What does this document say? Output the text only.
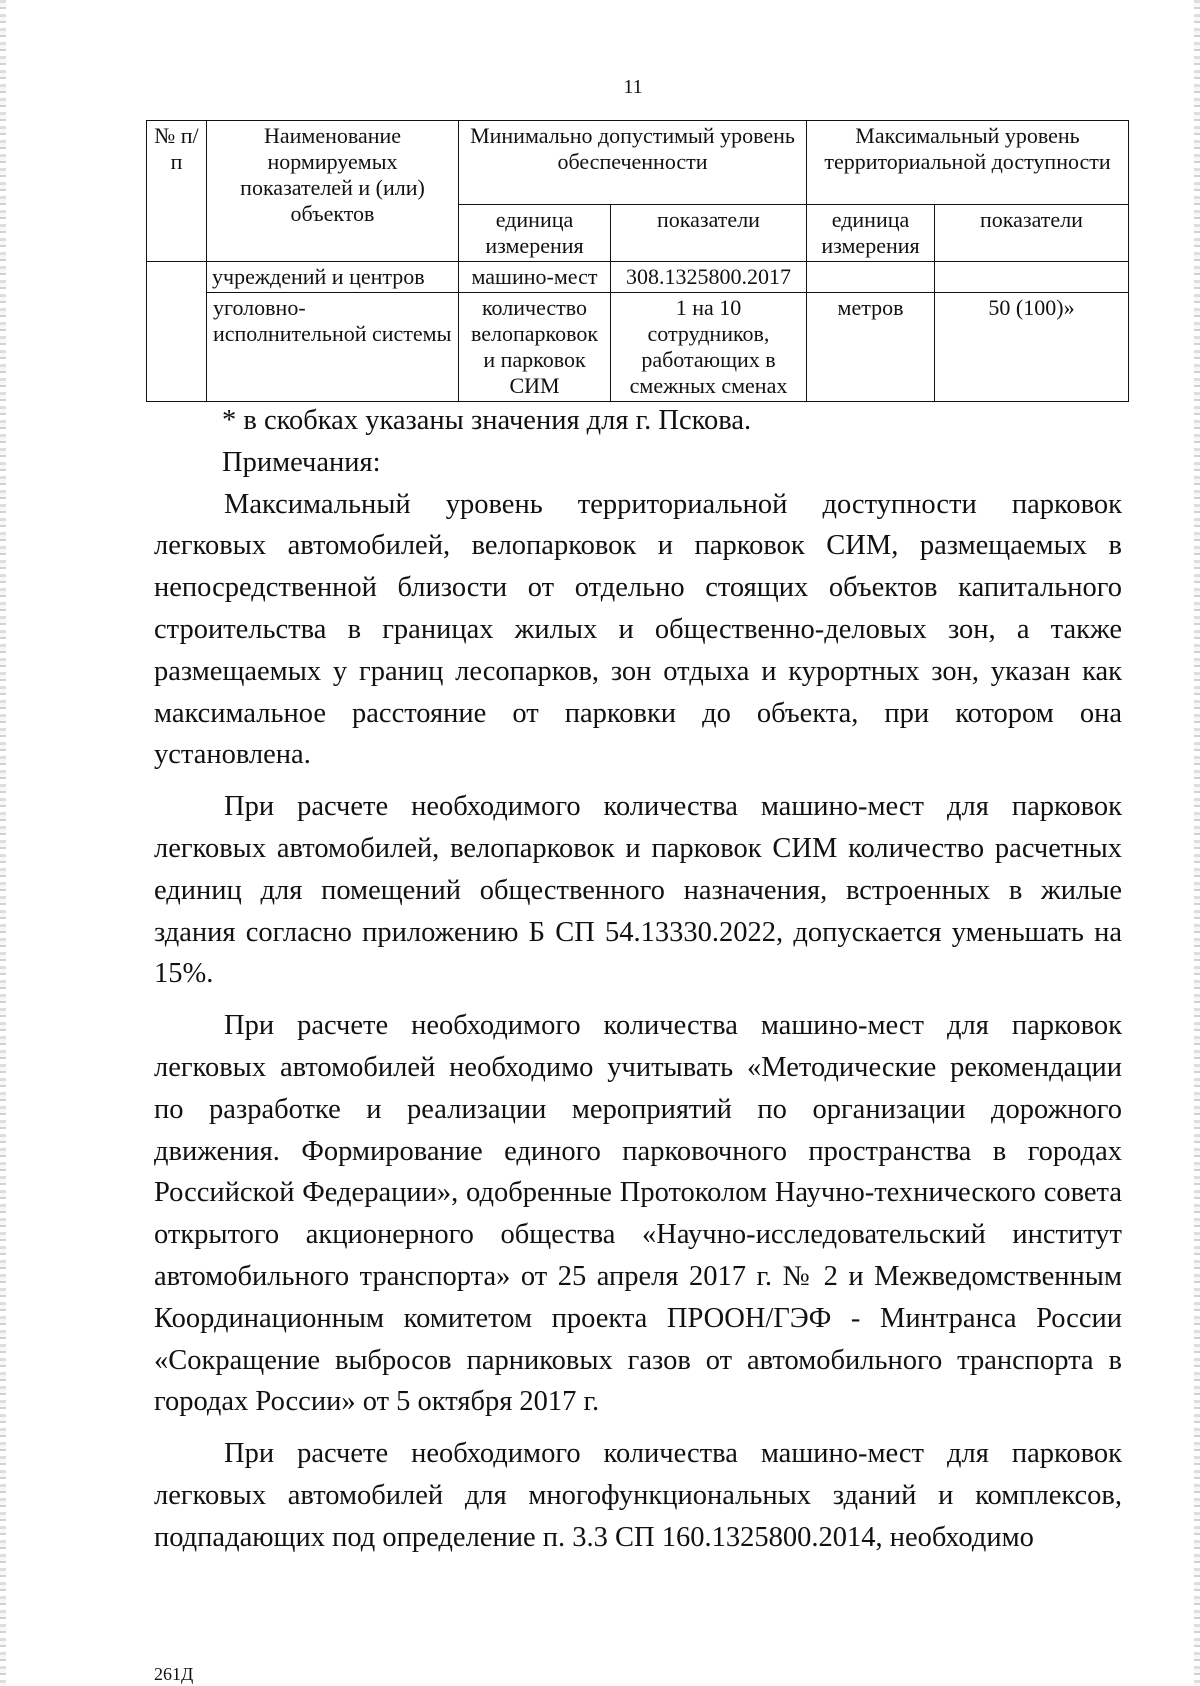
11
№ п/п	Наименование нормируемых показателей и (или) объектов	Минимально допустимый уровень обеспеченности		Максимальный уровень территориальной доступности	
		единица измерения	показатели	единица измерения	показатели
	учреждений и центров	машино-мест	308.1325800.2017		
	уголовно-исполнительной системы	количество велопарковок и парковок СИМ	1 на 10 сотрудников, работающих в смежных сменах	метров	50 (100)»

* в скобках указаны значения для г. Пскова.

Примечания:

Максимальный уровень территориальной доступности парковок легковых автомобилей, велопарковок и парковок СИМ, размещаемых в непосредственной близости от отдельно стоящих объектов капитального строительства в границах жилых и общественно-деловых зон, а также размещаемых у границ лесопарков, зон отдыха и курортных зон, указан как максимальное расстояние от парковки до объекта, при котором она установлена.

При расчете необходимого количества машино-мест для парковок легковых автомобилей, велопарковок и парковок СИМ количество расчетных единиц для помещений общественного назначения, встроенных в жилые здания согласно приложению Б СП 54.13330.2022, допускается уменьшать на 15%.

При расчете необходимого количества машино-мест для парковок легковых автомобилей необходимо учитывать «Методические рекомендации по разработке и реализации мероприятий по организации дорожного движения. Формирование единого парковочного пространства в городах Российской Федерации», одобренные Протоколом Научно-технического совета открытого акционерного общества «Научно-исследовательский институт автомобильного транспорта» от 25 апреля 2017 г. № 2 и Межведомственным Координационным комитетом проекта ПРООН/ГЭФ - Минтранса России «Сокращение выбросов парниковых газов от автомобильного транспорта в городах России» от 5 октября 2017 г.

При расчете необходимого количества машино-мест для парковок легковых автомобилей для многофункциональных зданий и комплексов, подпадающих под определение п. 3.3 СП 160.1325800.2014, необходимо

261Д
